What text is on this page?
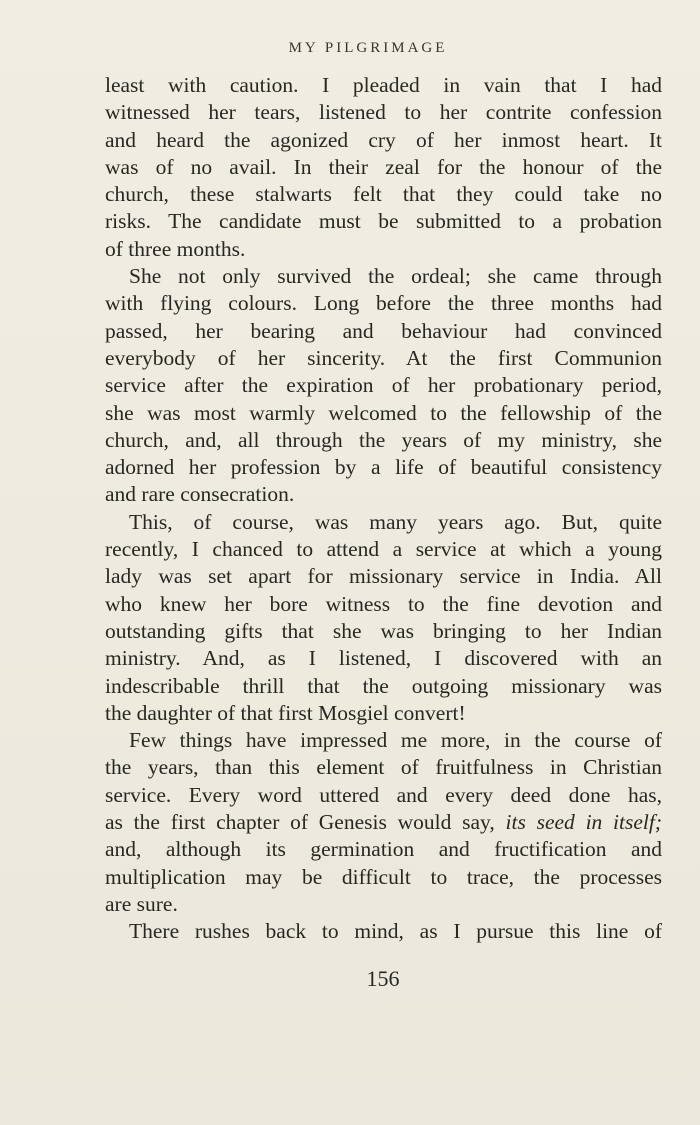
MY PILGRIMAGE
least with caution. I pleaded in vain that I had
witnessed her tears, listened to her contrite confession
and heard the agonized cry of her inmost heart. It
was of no avail. In their zeal for the honour of the
church, these stalwarts felt that they could take no
risks. The candidate must be submitted to a probation
of three months.
She not only survived the ordeal; she came through
with flying colours. Long before the three months had
passed, her bearing and behaviour had convinced
everybody of her sincerity. At the first Communion
service after the expiration of her probationary period,
she was most warmly welcomed to the fellowship of the
church, and, all through the years of my ministry, she
adorned her profession by a life of beautiful consistency
and rare consecration.
This, of course, was many years ago. But, quite
recently, I chanced to attend a service at which a young
lady was set apart for missionary service in India. All
who knew her bore witness to the fine devotion and
outstanding gifts that she was bringing to her Indian
ministry. And, as I listened, I discovered with an
indescribable thrill that the outgoing missionary was
the daughter of that first Mosgiel convert!
Few things have impressed me more, in the course of
the years, than this element of fruitfulness in Christian
service. Every word uttered and every deed done has,
as the first chapter of Genesis would say, its seed in itself;
and, although its germination and fructification and
multiplication may be difficult to trace, the processes
are sure.
There rushes back to mind, as I pursue this line of
156
